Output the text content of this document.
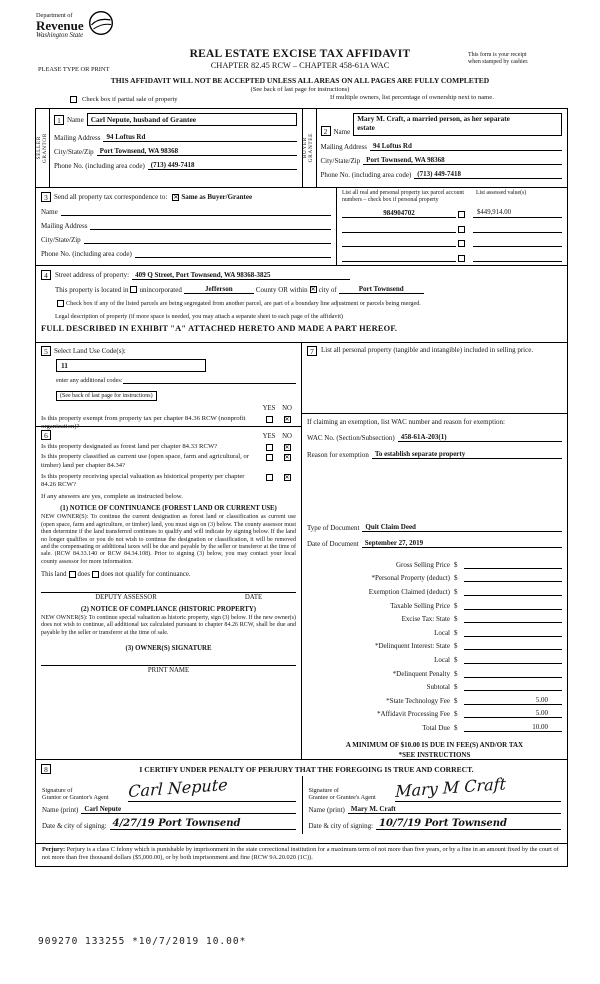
Department of
Revenue
Washington State
REAL ESTATE EXCISE TAX AFFIDAVIT
CHAPTER 82.45 RCW – CHAPTER 458-61A WAC
PLEASE TYPE OR PRINT
This form is your receipt
when stamped by cashier.
THIS AFFIDAVIT WILL NOT BE ACCEPTED UNLESS ALL AREAS ON ALL PAGES ARE FULLY COMPLETED
(See back of last page for instructions)
Check box if partial sale of property	If multiple owners, list percentage of ownership next to name.
SELLER GRANTOR
1 Name Carl Nepute, husband of Grantee
Mailing Address 94 Loftus Rd
City/State/Zip Port Townsend, WA 98368
Phone No. (including area code) (713) 449-7418
BUYER GRANTEE
2 Name
Mary M. Craft, a married person, as her separate
estate
Mailing Address 94 Loftus Rd
City/State/Zip Port Townsend, WA 98368
Phone No. (including area code) (713) 449-7418
3 Send all property tax correspondence to: ✕ Same as Buyer/Grantee
Name
Mailing Address
City/State/Zip
Phone No. (including area code)
List all real and personal property tax parcel account numbers – check box if personal property
List assessed value(s)
984904702	$449,914.00
4	Street address of property: 409 Q Street, Port Townsend, WA 98368-3825
This property is located in unincorporated	Jefferson	County OR within ✕ city of	Port Townsend
Check box if any of the listed parcels are being segregated from another parcel, are part of a boundary line adjustment or parcels being merged.
Legal description of property (if more space is needed, you may attach a separate sheet to each page of the affidavit)
FULL DESCRIBED IN EXHIBIT "A" ATTACHED HERETO AND MADE A PART HEREOF.
5 Select Land Use Code(s):
11
enter any additional codes:
(See back of last page for instructions)
YES NO
Is this property exempt from property tax per chapter 84.36 RCW (nonprofit organization)?
✕
6	YES NO
Is this property designated as forest land per chapter 84.33 RCW?	✕
Is this property classified as current use (open space, farm and agricultural, or timber) land per chapter 84.34?
✕
Is this property receiving special valuation as historical property per chapter 84.26 RCW?
✕
If any answers are yes, complete as instructed below.
(1) NOTICE OF CONTINUANCE (FOREST LAND OR CURRENT USE)
NEW OWNER(S): To continue the current designation as forest land or classification as current use (open space, farm and agriculture, or timber) land, you must sign on (3) below. The county assessor must then determine if the land transferred continues to qualify and will indicate by signing below. If the land no longer qualifies or you do not wish to continue the designation or classification, it will be removed and the compensating or additional taxes will be due and payable by the seller or transferor at the time of sale. (RCW 84.33.140 or RCW 84.34.108). Prior to signing (3) below, you may contact your local county assessor for more information.
This land does does not qualify for continuance.
DEPUTY ASSESSOR	DATE
(2) NOTICE OF COMPLIANCE (HISTORIC PROPERTY)
NEW OWNER(S): To continue special valuation as historic property, sign (3) below. If the new owner(s) does not wish to continue, all additional tax calculated pursuant to chapter 84.26 RCW, shall be due and payable by the seller or transferor at the time of sale.
(3) OWNER(S) SIGNATURE
PRINT NAME
7	List all personal property (tangible and intangible) included in selling price.
If claiming an exemption, list WAC number and reason for exemption:
WAC No. (Section/Subsection) 458-61A-203(1)
Reason for exemption To establish separate property
Type of Document Quit Claim Deed
Date of Document September 27, 2019
Gross Selling Price $
*Personal Property (deduct) $
Exemption Claimed (deduct) $
Taxable Selling Price $
Excise Tax: State $
Local $
*Delinquent Interest: State $
Local $
*Delinquent Penalty $
Subtotal $
*State Technology Fee $	5.00
*Affidavit Processing Fee $	5.00
Total Due $	10.00
A MINIMUM OF $10.00 IS DUE IN FEE(S) AND/OR TAX
*SEE INSTRUCTIONS
8	I CERTIFY UNDER PENALTY OF PERJURY THAT THE FOREGOING IS TRUE AND CORRECT.
Signature of
Grantor or Grantor's Agent	Carl Nepute
Name (print) Carl Nepute
Date & city of signing: 4/27/19 Port Townsend
Signature of
Grantee or Grantee's Agent	Mary M Craft
Name (print) Mary M. Craft
Date & city of signing: 10/7/19 Port Townsend
Perjury: Perjury is a class C felony which is punishable by imprisonment in the state correctional institution for a maximum term of not more than five years, or by a fine in an amount fixed by the court of not more than five thousand dollars ($5,000.00), or by both imprisonment and fine (RCW 9A.20.020 (1C)).
909270 133255 *10/7/2019 10.00*
